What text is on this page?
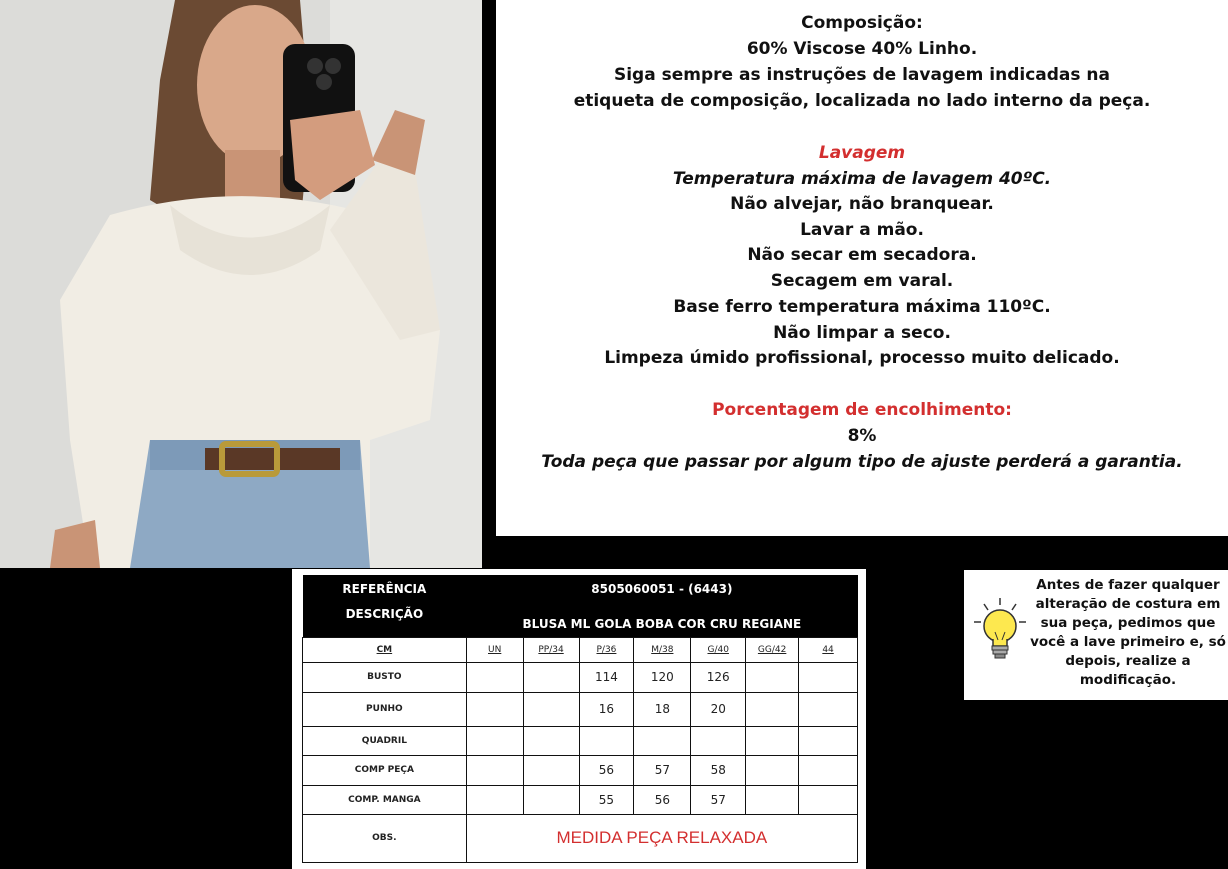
Composição:
60% Viscose 40% Linho.
Siga sempre as instruções de lavagem indicadas na
etiqueta de composição, localizada no lado interno da peça.
Lavagem
Temperatura máxima de lavagem 40ºC.
Não alvejar, não branquear.
Lavar a mão.
Não secar em secadora.
Secagem em varal.
Base ferro temperatura máxima 110ºC.
Não limpar a seco.
Limpeza úmido profissional, processo muito delicado.
Porcentagem de encolhimento:
8%
Toda peça que passar por algum tipo de ajuste perderá a garantia.
REFERÊNCIA	8505060051 - (6443)						
DESCRIÇÃO	BLUSA ML GOLA BOBA COR CRU REGIANE						
CM	UN	PP/34	P/36	M/38	G/40	GG/42	44
BUSTO			114	120	126		
PUNHO			16	18	20		
QUADRIL							
COMP PEÇA			56	57	58		
COMP. MANGA			55	56	57		
OBS.	MEDIDA PEÇA RELAXADA						
Antes de fazer qualquer
alteração de costura em
sua peça, pedimos que
você a lave primeiro e, só
depois, realize a
modificação.
